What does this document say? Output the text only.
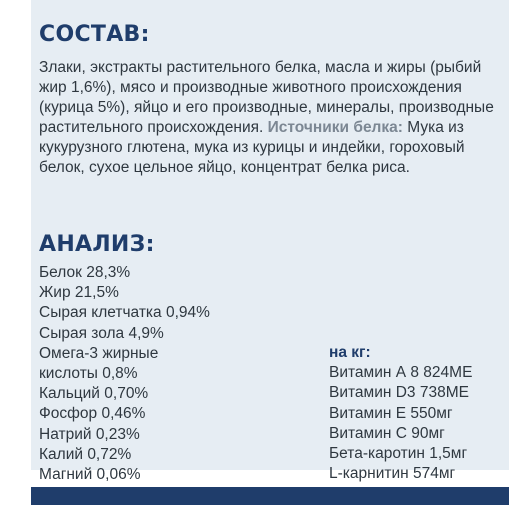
СОСТАВ:

Злаки, экстракты растительного белка, масла и жиры (рыбий жир 1,6%), мясо и производные животного происхождения (курица 5%), яйцо и его производные, минералы, производные растительного происхождения. Источники белка: Мука из кукурузного глютена, мука из курицы и индейки, гороховый белок, сухое цельное яйцо, концентрат белка риса.

АНАЛИЗ:
Белок 28,3%
Жир 21,5%
Сырая клетчатка 0,94%
Сырая зола 4,9%
Омега-3 жирные
кислоты 0,8%
Кальций 0,70%
Фосфор 0,46%
Натрий 0,23%
Калий 0,72%
Магний 0,06%
на кг:
Витамин А 8 824МЕ
Витамин D3 738МЕ
Витамин Е 550мг
Витамин С 90мг
Бета-каротин 1,5мг
L-карнитин 574мг
